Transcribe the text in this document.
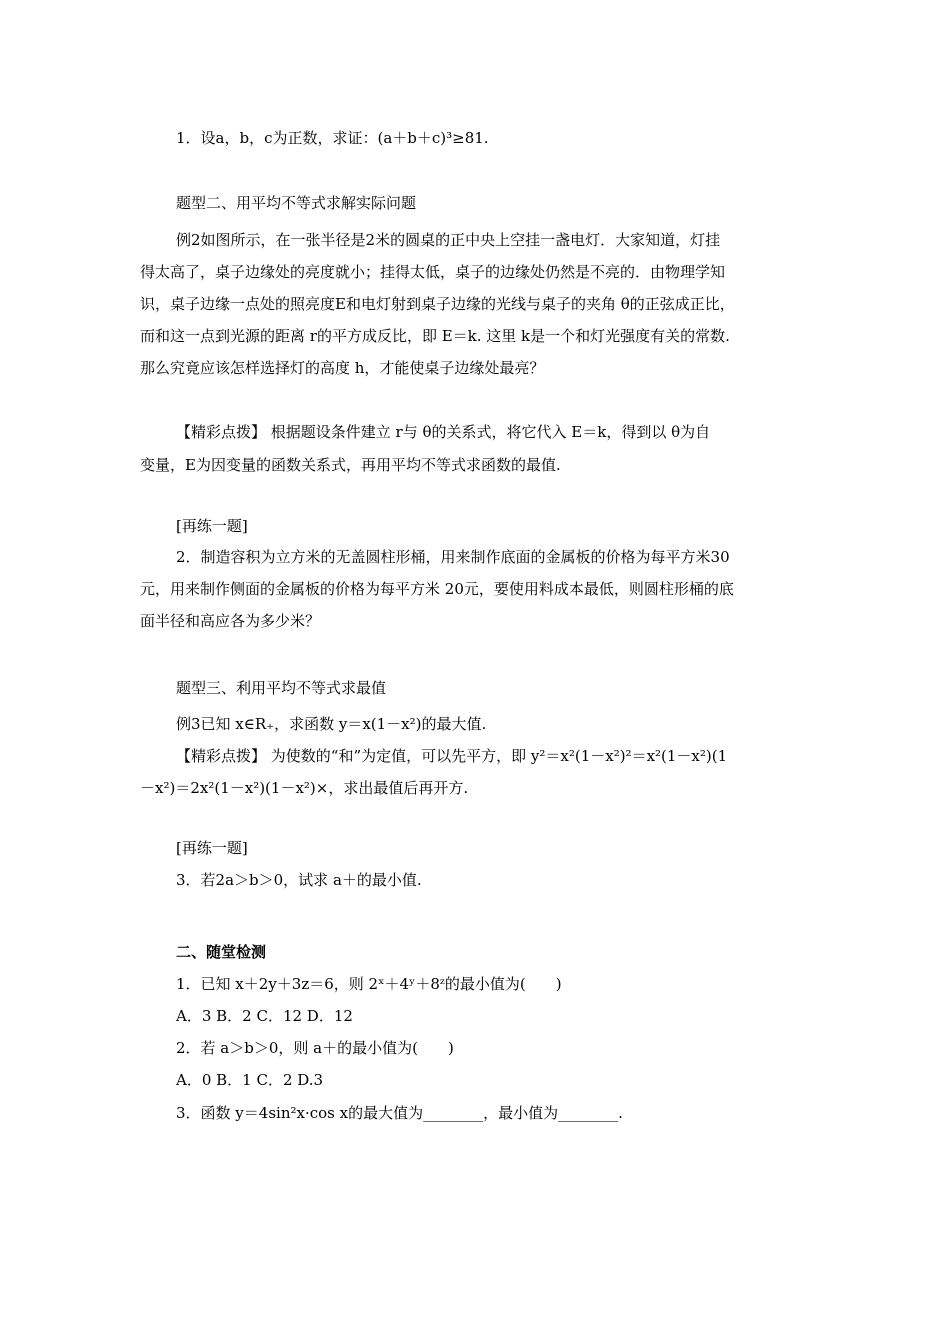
1．设a，b，c为正数，求证：(a＋b＋c)³≥81.
题型二、用平均不等式求解实际问题
例2如图所示，在一张半径是2米的圆桌的正中央上空挂一盏电灯．大家知道，灯挂
得太高了，桌子边缘处的亮度就小；挂得太低，桌子的边缘处仍然是不亮的．由物理学知
识，桌子边缘一点处的照亮度E和电灯射到桌子边缘的光线与桌子的夹角 θ的正弦成正比，
而和这一点到光源的距离 r的平方成反比，即 E＝k. 这里 k是一个和灯光强度有关的常数.
那么究竟应该怎样选择灯的高度 h，才能使桌子边缘处最亮？
【精彩点拨】 根据题设条件建立 r与 θ的关系式，将它代入 E＝k，得到以 θ为自
变量，E为因变量的函数关系式，再用平均不等式求函数的最值.
[再练一题]
2．制造容积为立方米的无盖圆柱形桶，用来制作底面的金属板的价格为每平方米30
元，用来制作侧面的金属板的价格为每平方米 20元，要使用料成本最低，则圆柱形桶的底
面半径和高应各为多少米？
题型三、利用平均不等式求最值
例3已知 x∈R₊，求函数 y＝x(1－x²)的最大值.
【精彩点拨】 为使数的“和”为定值，可以先平方，即 y²＝x²(1－x²)²＝x²(1－x²)(1
－x²)＝2x²(1－x²)(1－x²)×，求出最值后再开方.
[再练一题]
3．若2a＞b＞0，试求 a＋的最小值.
二、随堂检测
1．已知 x＋2y＋3z＝6，则 2ˣ＋4ʸ＋8ᶻ的最小值为(　　)
A．3 B．2 C．12 D．12
2．若 a＞b＞0，则 a＋的最小值为(　　)
A．0 B．1 C．2 D.3
3．函数 y＝4sin²x·cos x的最大值为________，最小值为________.
